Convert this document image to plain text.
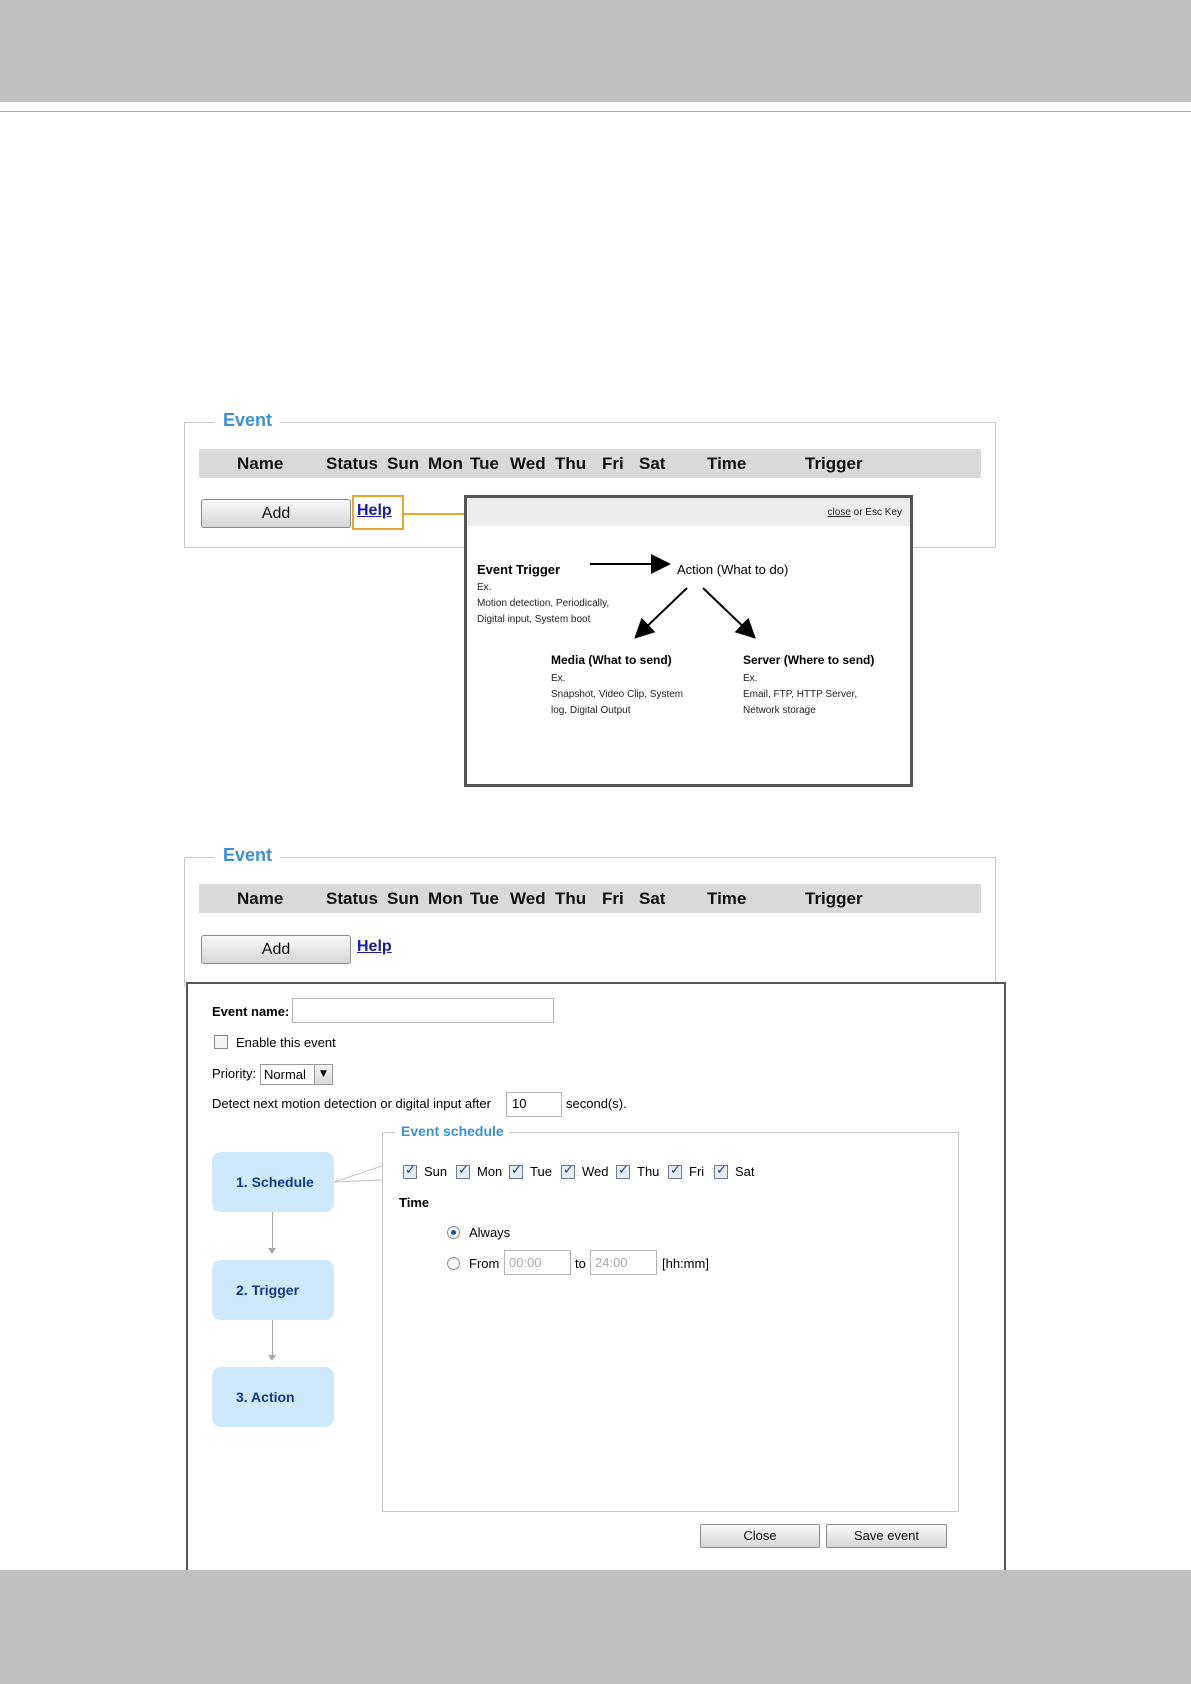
Event
Name	Status Sun Mon Tue Wed Thu Fri Sat Time	Trigger
Add	Help	close or Esc Key
Event Trigger
Ex.
Motion detection, Periodically,
Digital input, System boot
Action (What to do)
Media (What to send)
Ex.
Snapshot, Video Clip, System
log, Digital Output
Server (Where to send)
Ex.
Email, FTP, HTTP Server,
Network storage
Event
Name	Status Sun Mon Tue Wed Thu Fri Sat Time	Trigger
Add	Help
Event name:
Enable this event
Priority: Normal	▼
Detect next motion detection or digital input after	10	second(s).
1. Schedule
2. Trigger
3. Action
Event schedule
✓
Sun ✓ Mon ✓ Tue ✓ Wed ✓ Thu ✓ Fri ✓ Sat
Time
Always
From 00:00	to 24:00	[hh:mm]
Close	Save event
